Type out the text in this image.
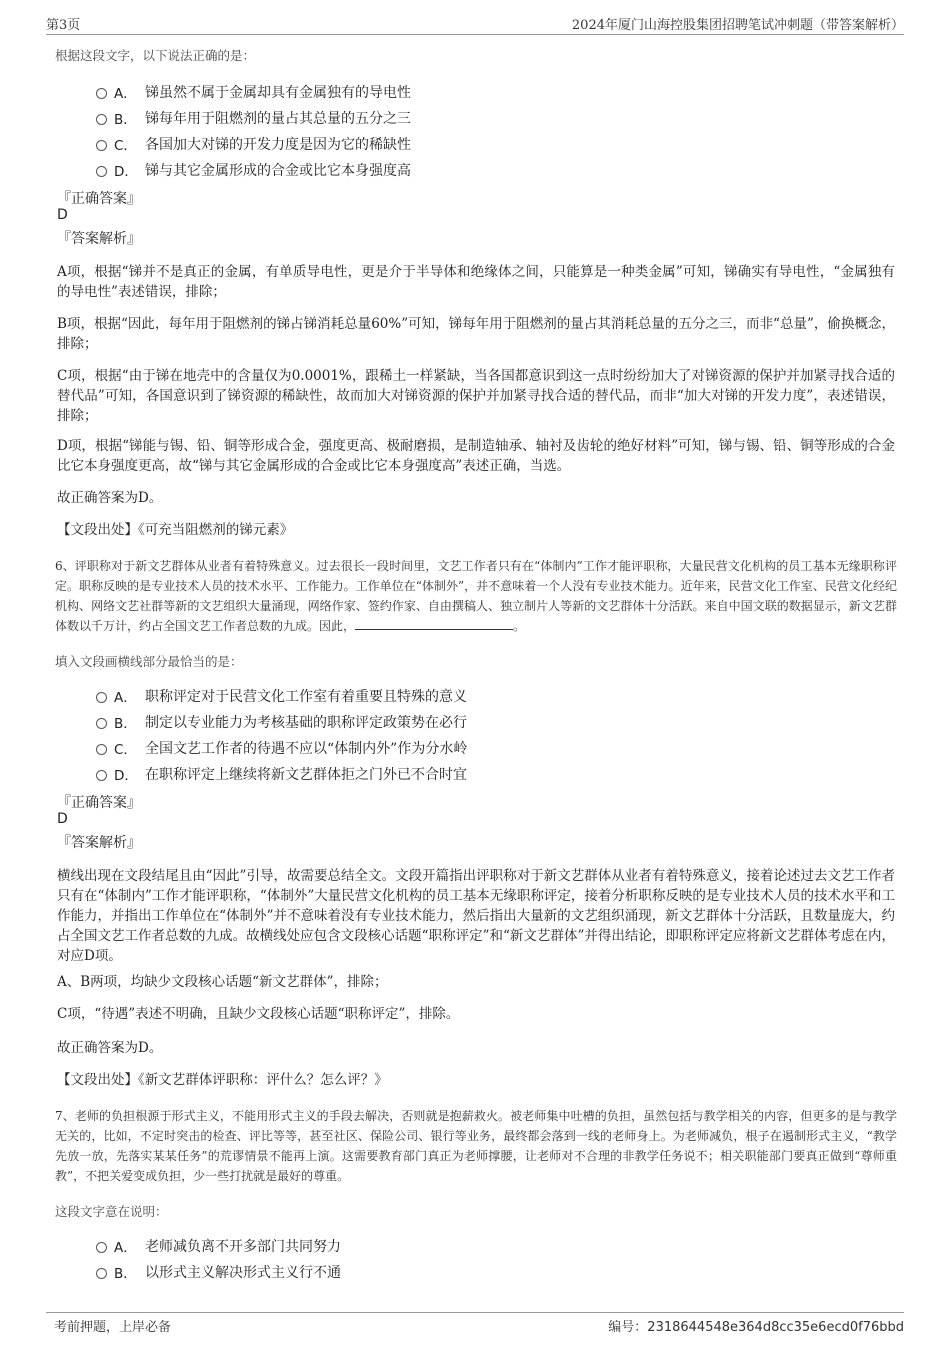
第3页	2024年厦门山海控股集团招聘笔试冲刺题（带答案解析）
根据这段文字，以下说法正确的是：
A． 锑虽然不属于金属却具有金属独有的导电性
B． 锑每年用于阻燃剂的量占其总量的五分之三
C． 各国加大对锑的开发力度是因为它的稀缺性
D． 锑与其它金属形成的合金或比它本身强度高
『正确答案』
D
『答案解析』
A项，根据“锑并不是真正的金属，有单质导电性，更是介于半导体和绝缘体之间，只能算是一种类金属”可知，锑确实有导电性，“金属独有的导电性”表述错误，排除；
B项，根据“因此，每年用于阻燃剂的锑占锑消耗总量60%”可知，锑每年用于阻燃剂的量占其消耗总量的五分之三，而非“总量”，偷换概念，排除；
C项，根据“由于锑在地壳中的含量仅为0.0001%，跟稀土一样紧缺，当各国都意识到这一点时纷纷加大了对锑资源的保护并加紧寻找合适的替代品”可知，各国意识到了锑资源的稀缺性，故而加大对锑资源的保护并加紧寻找合适的替代品，而非“加大对锑的开发力度”，表述错误，排除；
D项，根据“锑能与锡、铅、铜等形成合金，强度更高、极耐磨损，是制造轴承、轴衬及齿轮的绝好材料”可知，锑与锡、铅、铜等形成的合金比它本身强度更高，故“锑与其它金属形成的合金或比它本身强度高”表述正确，当选。
故正确答案为D。
【文段出处】《可充当阻燃剂的锑元素》
6、评职称对于新文艺群体从业者有着特殊意义。过去很长一段时间里，文艺工作者只有在“体制内”工作才能评职称，大量民营文化机构的员工基本无缘职称评定。职称反映的是专业技术人员的技术水平、工作能力。工作单位在“体制外”，并不意味着一个人没有专业技术能力。近年来，民营文化工作室、民营文化经纪机构、网络文艺社群等新的文艺组织大量涌现，网络作家、签约作家、自由撰稿人、独立制片人等新的文艺群体十分活跃。来自中国文联的数据显示，新文艺群体数以千万计，约占全国文艺工作者总数的九成。因此，	。
填入文段画横线部分最恰当的是：
A． 职称评定对于民营文化工作室有着重要且特殊的意义
B． 制定以专业能力为考核基础的职称评定政策势在必行
C． 全国文艺工作者的待遇不应以“体制内外”作为分水岭
D． 在职称评定上继续将新文艺群体拒之门外已不合时宜
『正确答案』
D
『答案解析』
横线出现在文段结尾且由“因此”引导，故需要总结全文。文段开篇指出评职称对于新文艺群体从业者有着特殊意义，接着论述过去文艺工作者只有在“体制内”工作才能评职称，“体制外”大量民营文化机构的员工基本无缘职称评定，接着分析职称反映的是专业技术人员的技术水平和工作能力，并指出工作单位在“体制外”并不意味着没有专业技术能力，然后指出大量新的文艺组织涌现，新文艺群体十分活跃，且数量庞大，约占全国文艺工作者总数的九成。故横线处应包含文段核心话题“职称评定”和“新文艺群体”并得出结论，即职称评定应将新文艺群体考虑在内，对应D项。
A、B两项，均缺少文段核心话题“新文艺群体”，排除；
C项，“待遇”表述不明确，且缺少文段核心话题“职称评定”，排除。
故正确答案为D。
【文段出处】《新文艺群体评职称：评什么？怎么评？》
7、老师的负担根源于形式主义，不能用形式主义的手段去解决，否则就是抱薪救火。被老师集中吐槽的负担，虽然包括与教学相关的内容，但更多的是与教学无关的，比如，不定时突击的检查、评比等等，甚至社区、保险公司、银行等业务，最终都会落到一线的老师身上。为老师减负，根子在遏制形式主义，“教学先放一放，先落实某某任务”的荒谬情景不能再上演。这需要教育部门真正为老师撑腰，让老师对不合理的非教学任务说不；相关职能部门要真正做到“尊师重教”，不把关爱变成负担，少一些打扰就是最好的尊重。
这段文字意在说明：
A． 老师减负离不开多部门共同努力
B． 以形式主义解决形式主义行不通
考前押题，上岸必备	编号：2318644548e364d8cc35e6ecd0f76bbd
